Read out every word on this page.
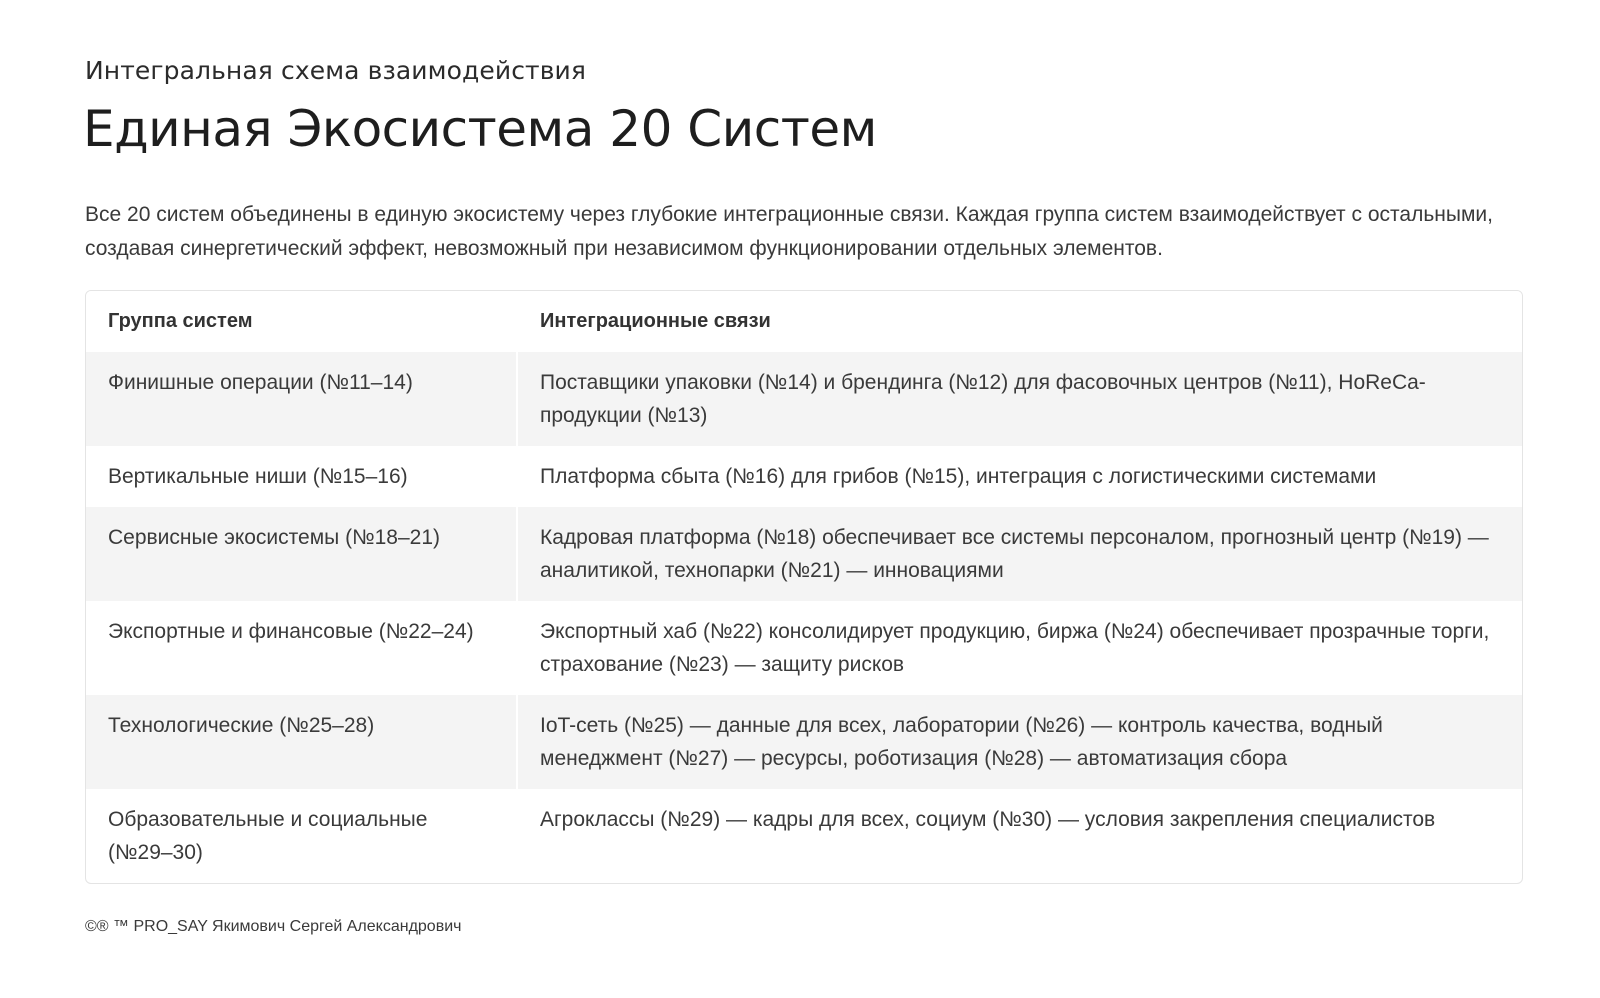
Интегральная схема взаимодействия
Единая Экосистема 20 Систем

Все 20 систем объединены в единую экосистему через глубокие интеграционные связи. Каждая группа систем взаимодействует с остальными, создавая синергетический эффект, невозможный при независимом функционировании отдельных элементов.

Группа систем	Интеграционные связи
Финишные операции (№11–14)	Поставщики упаковки (№14) и брендинга (№12) для фасовочных центров (№11), HoReCa-продукции (№13)
Вертикальные ниши (№15–16)	Платформа сбыта (№16) для грибов (№15), интеграция с логистическими системами
Сервисные экосистемы (№18–21)	Кадровая платформа (№18) обеспечивает все системы персоналом, прогнозный центр (№19) — аналитикой, технопарки (№21) — инновациями
Экспортные и финансовые (№22–24)	Экспортный хаб (№22) консолидирует продукцию, биржа (№24) обеспечивает прозрачные торги, страхование (№23) — защиту рисков
Технологические (№25–28)	IoT-сеть (№25) — данные для всех, лаборатории (№26) — контроль качества, водный менеджмент (№27) — ресурсы, роботизация (№28) — автоматизация сбора
Образовательные и социальные (№29–30)	Агроклассы (№29) — кадры для всех, социум (№30) — условия закрепления специалистов
©® ™ PRO_SAY Якимович Сергей Александрович
